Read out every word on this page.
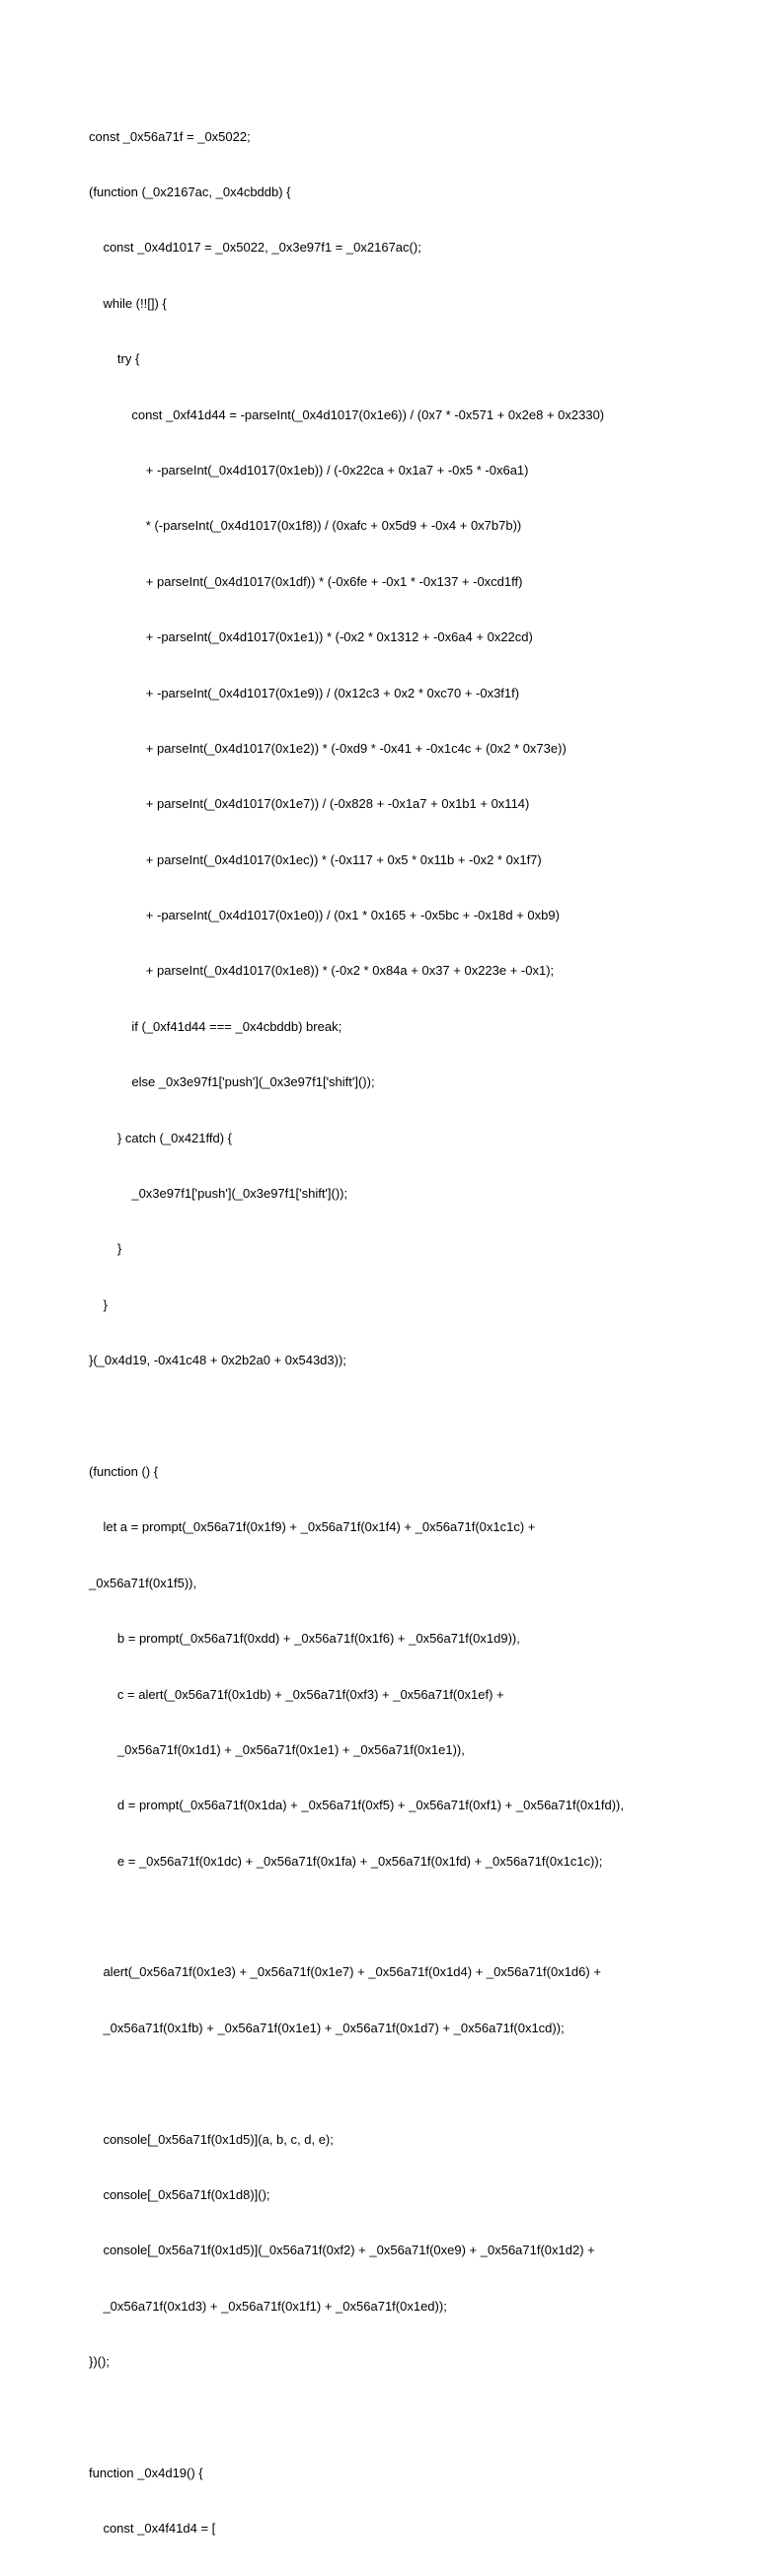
const _0x56a71f = _0x5022;

(function (_0x2167ac, _0x4cbddb) {

const _0x4d1017 = _0x5022, _0x3e97f1 = _0x2167ac();

while (!![]) {

try {

const _0xf41d44 = -parseInt(_0x4d1017(0x1e6)) / (0x7 * -0x571 + 0x2e8 + 0x2330)

+ -parseInt(_0x4d1017(0x1eb)) / (-0x22ca + 0x1a7 + -0x5 * -0x6a1)

* (-parseInt(_0x4d1017(0x1f8)) / (0xafc + 0x5d9 + -0x4 + 0x7b7b))

+ parseInt(_0x4d1017(0x1df)) * (-0x6fe + -0x1 * -0x137 + -0xcd1ff)

+ -parseInt(_0x4d1017(0x1e1)) * (-0x2 * 0x1312 + -0x6a4 + 0x22cd)

+ -parseInt(_0x4d1017(0x1e9)) / (0x12c3 + 0x2 * 0xc70 + -0x3f1f)

+ parseInt(_0x4d1017(0x1e2)) * (-0xd9 * -0x41 + -0x1c4c + (0x2 * 0x73e))

+ parseInt(_0x4d1017(0x1e7)) / (-0x828 + -0x1a7 + 0x1b1 + 0x114)

+ parseInt(_0x4d1017(0x1ec)) * (-0x117 + 0x5 * 0x11b + -0x2 * 0x1f7)

+ -parseInt(_0x4d1017(0x1e0)) / (0x1 * 0x165 + -0x5bc + -0x18d + 0xb9)

+ parseInt(_0x4d1017(0x1e8)) * (-0x2 * 0x84a + 0x37 + 0x223e + -0x1);

if (_0xf41d44 === _0x4cbddb) break;

else _0x3e97f1['push'](_0x3e97f1['shift']());

} catch (_0x421ffd) {

_0x3e97f1['push'](_0x3e97f1['shift']());

}

}

}(_0x4d19, -0x41c48 + 0x2b2a0 + 0x543d3));

(function () {

let a = prompt(_0x56a71f(0x1f9) + _0x56a71f(0x1f4) + _0x56a71f(0x1c1c) +

_0x56a71f(0x1f5)),

b = prompt(_0x56a71f(0xdd) + _0x56a71f(0x1f6) + _0x56a71f(0x1d9)),

c = alert(_0x56a71f(0x1db) + _0x56a71f(0xf3) + _0x56a71f(0x1ef) +

_0x56a71f(0x1d1) + _0x56a71f(0x1e1) + _0x56a71f(0x1e1)),

d = prompt(_0x56a71f(0x1da) + _0x56a71f(0xf5) + _0x56a71f(0xf1) + _0x56a71f(0x1fd)),

e = _0x56a71f(0x1dc) + _0x56a71f(0x1fa) + _0x56a71f(0x1fd) + _0x56a71f(0x1c1c));

alert(_0x56a71f(0x1e3) + _0x56a71f(0x1e7) + _0x56a71f(0x1d4) + _0x56a71f(0x1d6) +

_0x56a71f(0x1fb) + _0x56a71f(0x1e1) + _0x56a71f(0x1d7) + _0x56a71f(0x1cd));

console[_0x56a71f(0x1d5)](a, b, c, d, e);

console[_0x56a71f(0x1d8)]();

console[_0x56a71f(0x1d5)](_0x56a71f(0xf2) + _0x56a71f(0xe9) + _0x56a71f(0x1d2) +

_0x56a71f(0x1d3) + _0x56a71f(0x1f1) + _0x56a71f(0x1ed));

})();

function _0x4d19() {

const _0x4f41d4 = [
